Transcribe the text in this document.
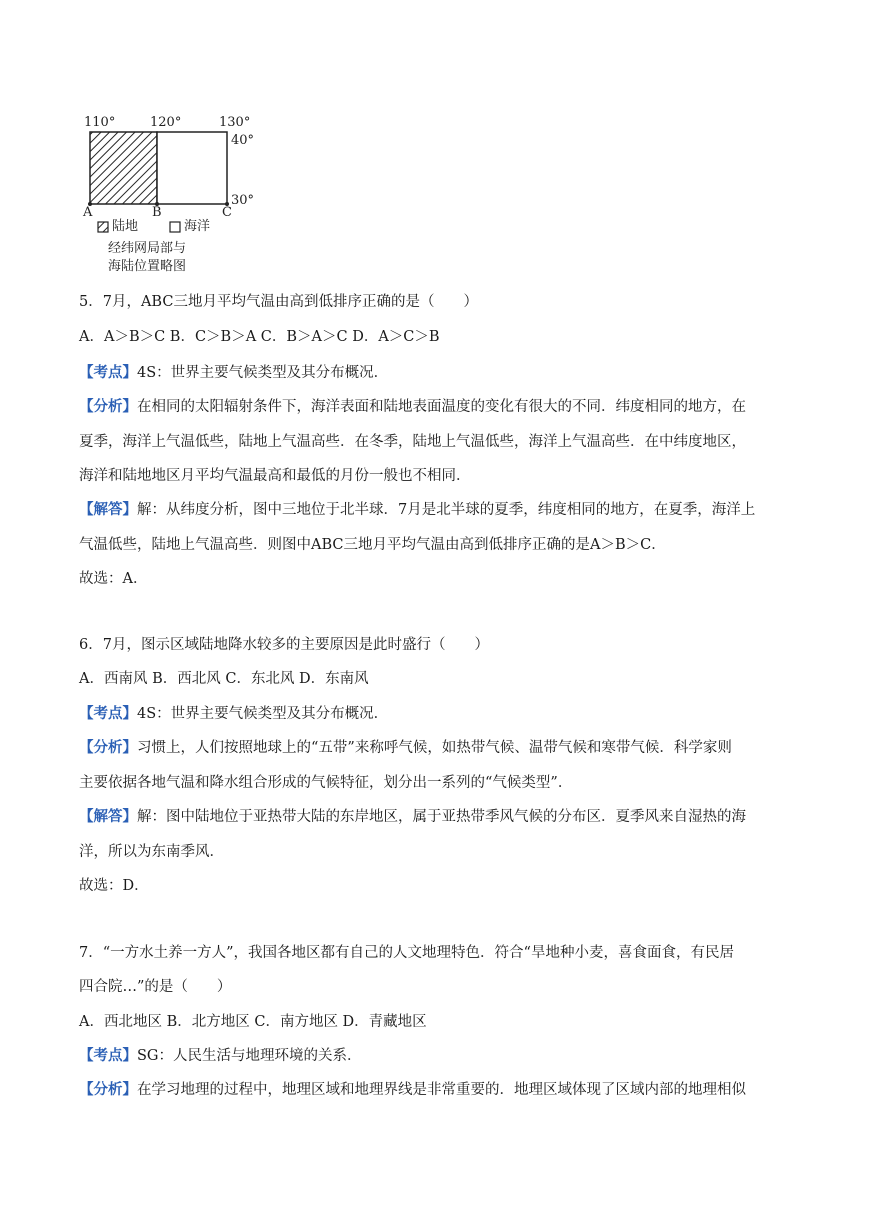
110°	120°	130°
40°
30°
A	B	C
陆地	海洋
经纬网局部与
海陆位置略图
5．7月，ABC三地月平均气温由高到低排序正确的是（　　）
A．A＞B＞C B．C＞B＞A C．B＞A＞C D．A＞C＞B
【考点】4S：世界主要气候类型及其分布概况．
【分析】在相同的太阳辐射条件下，海洋表面和陆地表面温度的变化有很大的不同．纬度相同的地方，在
夏季，海洋上气温低些，陆地上气温高些．在冬季，陆地上气温低些，海洋上气温高些．在中纬度地区，
海洋和陆地地区月平均气温最高和最低的月份一般也不相同．
【解答】解：从纬度分析，图中三地位于北半球．7月是北半球的夏季，纬度相同的地方，在夏季，海洋上
气温低些，陆地上气温高些．则图中ABC三地月平均气温由高到低排序正确的是A＞B＞C．
故选：A．
6．7月，图示区域陆地降水较多的主要原因是此时盛行（　　）
A．西南风 B．西北风 C．东北风 D．东南风
【考点】4S：世界主要气候类型及其分布概况．
【分析】习惯上，人们按照地球上的“五带”来称呼气候，如热带气候、温带气候和寒带气候．科学家则
主要依据各地气温和降水组合形成的气候特征，划分出一系列的“气候类型”．
【解答】解：图中陆地位于亚热带大陆的东岸地区，属于亚热带季风气候的分布区．夏季风来自湿热的海
洋，所以为东南季风．
故选：D．
7．“一方水土养一方人”，我国各地区都有自己的人文地理特色．符合“旱地种小麦，喜食面食，有民居
四合院…”的是（　　）
A．西北地区 B．北方地区 C．南方地区 D．青藏地区
【考点】SG：人民生活与地理环境的关系．
【分析】在学习地理的过程中，地理区域和地理界线是非常重要的．地理区域体现了区域内部的地理相似
